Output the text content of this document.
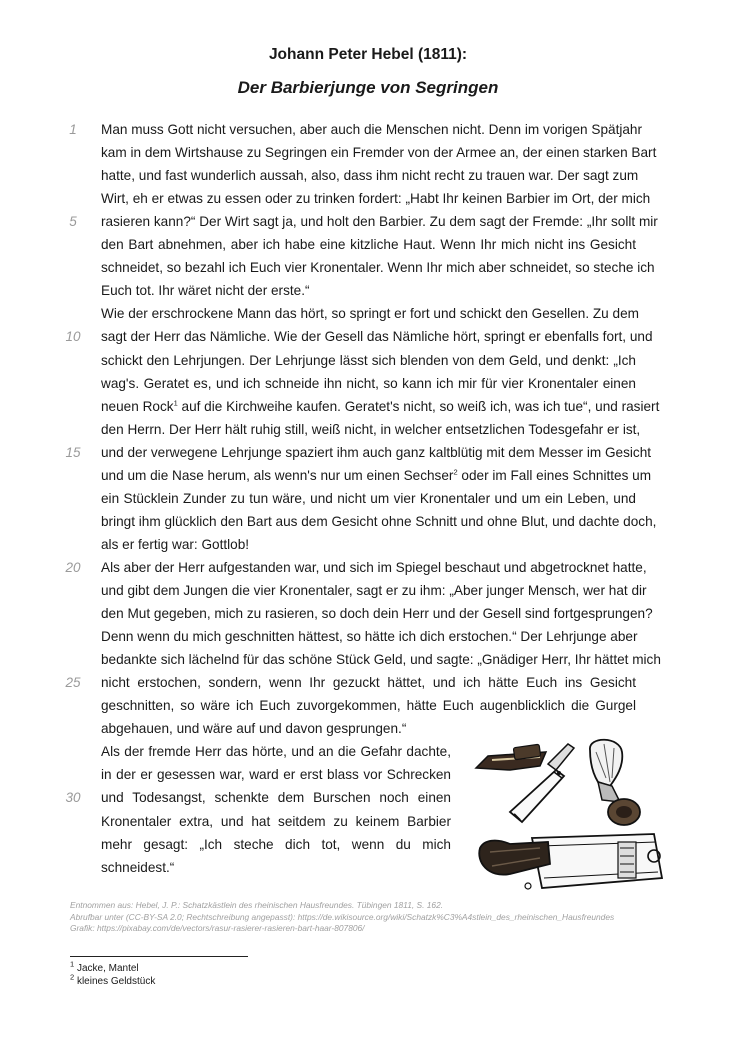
Johann Peter Hebel (1811):
Der Barbierjunge von Segringen
Man muss Gott nicht versuchen, aber auch die Menschen nicht. Denn im vorigen Spätjahr
kam in dem Wirtshause zu Segringen ein Fremder von der Armee an, der einen starken Bart
hatte, und fast wunderlich aussah, also, dass ihm nicht recht zu trauen war. Der sagt zum
Wirt, eh er etwas zu essen oder zu trinken fordert: „Habt Ihr keinen Barbier im Ort, der mich
rasieren kann?“ Der Wirt sagt ja, und holt den Barbier. Zu dem sagt der Fremde: „Ihr sollt mir
den Bart abnehmen, aber ich habe eine kitzliche Haut. Wenn Ihr mich nicht ins Gesicht
schneidet, so bezahl ich Euch vier Kronentaler. Wenn Ihr mich aber schneidet, so steche ich
Euch tot. Ihr wäret nicht der erste.“
Wie der erschrockene Mann das hört, so springt er fort und schickt den Gesellen. Zu dem
sagt der Herr das Nämliche. Wie der Gesell das Nämliche hört, springt er ebenfalls fort, und
schickt den Lehrjungen. Der Lehrjunge lässt sich blenden von dem Geld, und denkt: „Ich
wag's. Geratet es, und ich schneide ihn nicht, so kann ich mir für vier Kronentaler einen
neuen Rock$^1$ auf die Kirchweihe kaufen. Geratet's nicht, so weiß ich, was ich tue“, und rasiert
den Herrn. Der Herr hält ruhig still, weiß nicht, in welcher entsetzlichen Todesgefahr er ist,
und der verwegene Lehrjunge spaziert ihm auch ganz kaltblütig mit dem Messer im Gesicht
und um die Nase herum, als wenn's nur um einen Sechser$^2$ oder im Fall eines Schnittes um
ein Stücklein Zunder zu tun wäre, und nicht um vier Kronentaler und um ein Leben, und
bringt ihm glücklich den Bart aus dem Gesicht ohne Schnitt und ohne Blut, und dachte doch,
als er fertig war: Gottlob!
Als aber der Herr aufgestanden war, und sich im Spiegel beschaut und abgetrocknet hatte,
und gibt dem Jungen die vier Kronentaler, sagt er zu ihm: „Aber junger Mensch, wer hat dir
den Mut gegeben, mich zu rasieren, so doch dein Herr und der Gesell sind fortgesprungen?
Denn wenn du mich geschnitten hättest, so hätte ich dich erstochen.“ Der Lehrjunge aber
bedankte sich lächelnd für das schöne Stück Geld, und sagte: „Gnädiger Herr, Ihr hättet mich
nicht erstochen, sondern, wenn Ihr gezuckt hättet, und ich hätte Euch ins Gesicht
geschnitten, so wäre ich Euch zuvorgekommen, hätte Euch augenblicklich die Gurgel
abgehauen, und wäre auf und davon gesprungen.“
Als der fremde Herr das hörte, und an die Gefahr dachte,
in der er gesessen war, ward er erst blass vor Schrecken
und Todesangst, schenkte dem Burschen noch einen
Kronentaler extra, und hat seitdem zu keinem Barbier
mehr gesagt: „Ich steche dich tot, wenn du mich
schneidest.“
1
5
10
15
20
25
30
Entnommen aus: Hebel, J. P.: Schatzkästlein des rheinischen Hausfreundes. Tübingen 1811, S. 162.
Abrufbar unter (CC-BY-SA 2.0; Rechtschreibung angepasst): https://de.wikisource.org/wiki/Schatzk%C3%A4stlein_des_rheinischen_Hausfreundes
Grafik: https://pixabay.com/de/vectors/rasur-rasierer-rasieren-bart-haar-807806/
$^1$ Jacke, Mantel
$^2$ kleines Geldstück
